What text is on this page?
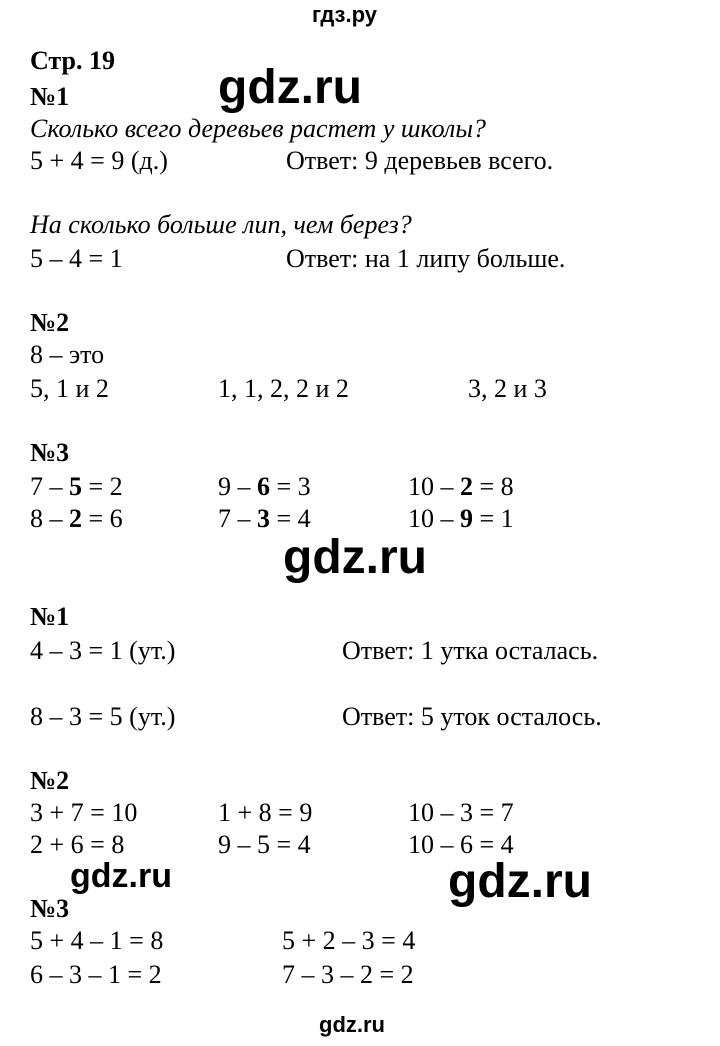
гдз.ру
gdz.ru
gdz.ru
gdz.ru
gdz.ru	gdz.ru
Стр. 19
№1
Сколько всего деревьев растет у школы?
5 + 4 = 9 (д.)	Ответ: 9 деревьев всего.
На сколько больше лип, чем берез?
5 – 4 = 1	Ответ: на 1 липу больше.
№2
8 – это
5, 1 и 2	1, 1, 2, 2 и 2	3, 2 и 3
№3
7 – 5 = 2	9 – 6 = 3	10 – 2 = 8
8 – 2 = 6	7 – 3 = 4	10 – 9 = 1
№1
4 – 3 = 1 (ут.)	Ответ: 1 утка осталась.
8 – 3 = 5 (ут.)	Ответ: 5 уток осталось.
№2
3 + 7 = 10	1 + 8 = 9	10 – 3 = 7
2 + 6 = 8	9 – 5 = 4	10 – 6 = 4
№3
5 + 4 – 1 = 8	5 + 2 – 3 = 4
6 – 3 – 1 = 2	7 – 3 – 2 = 2
